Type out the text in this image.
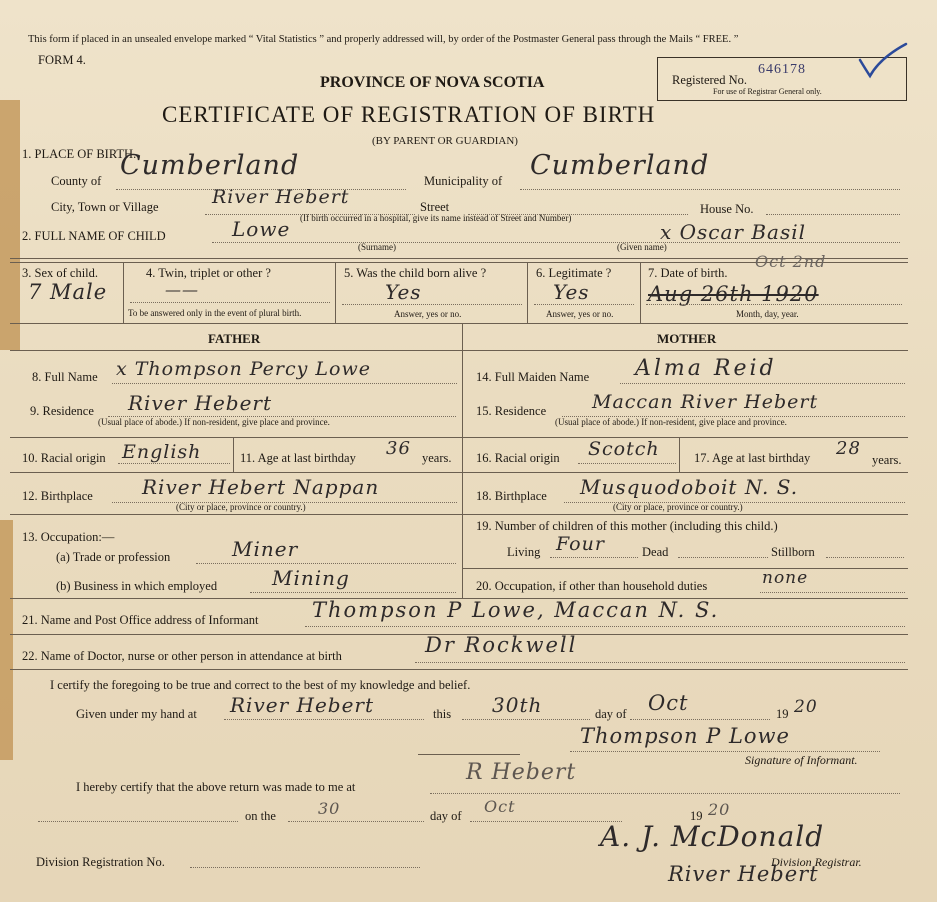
This form if placed in an unsealed envelope marked “ Vital Statistics ” and properly addressed will, by order of the Postmaster General pass through the Mails “ FREE. ”
FORM 4.
PROVINCE OF NOVA SCOTIA
CERTIFICATE OF REGISTRATION OF BIRTH
(BY PARENT OR GUARDIAN)
Registered No.
646178
For use of Registrar General only.
1. PLACE OF BIRTH.
County of Cumberland	Municipality of Cumberland
City, Town or Village	River Hebert	Street
(If birth occurred in a hospital, give its name instead of Street and Number)
House No.
2. FULL NAME OF CHILD	Lowe
(Surname)
x Oscar Basil
(Given name)
3. Sex of child.
7 Male
4. Twin, triplet or other ?
——
To be answered only in the event of plural birth.
5. Was the child born alive ?
Yes
Answer, yes or no.
6. Legitimate ?
Yes
Answer, yes or no.
7. Date of birth.
Oct 2nd
Aug 26th 1920
Month, day, year.
FATHER	MOTHER
8. Full Name x Thompson Percy Lowe
9. Residence River Hebert
(Usual place of abode.) If non-resident, give place and province.
10. Racial origin English	11. Age at last birthday 36 years.
12. Birthplace River Hebert Nappan
(City or place, province or country.)
13. Occupation:—
(a) Trade or profession	Miner
(b) Business in which employed	Mining
14. Full Maiden Name Alma Reid
15. Residence Maccan River Hebert
(Usual place of abode.) If non-resident, give place and province.
16. Racial origin Scotch	17. Age at last birthday 28
years.
18. Birthplace Musquodoboit N. S.
(City or place, province or country.)
19. Number of children of this mother (including this child.)
Living Four	Dead	Stillborn
20. Occupation, if other than household duties	none
21. Name and Post Office address of Informant	Thompson P Lowe, Maccan N. S.
22. Name of Doctor, nurse or other person in attendance at birth	Dr Rockwell
I certify the foregoing to be true and correct to the best of my knowledge and belief.
Given under my hand at River Hebert	this 30th	day of Oct	19 20
Thompson P Lowe
Signature of Informant.
I hereby certify that the above return was made to me at
R Hebert
on the	30	day of Oct	19 20
A. J. McDonald
Division Registration No.	Division Registrar.
River Hebert
